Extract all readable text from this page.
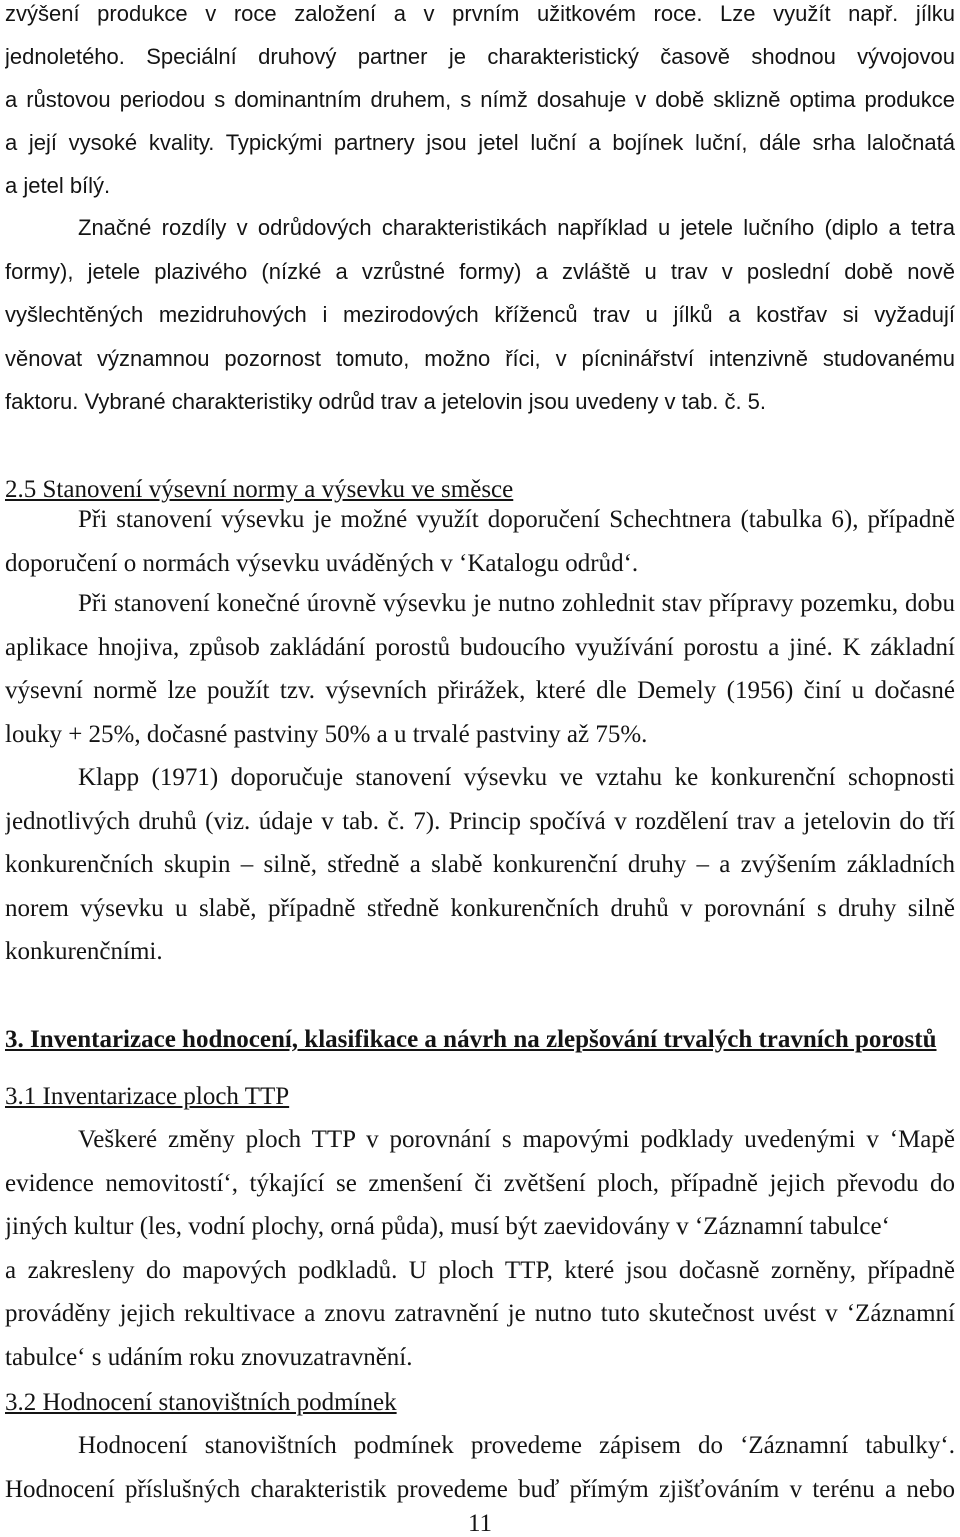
zvýšení produkce v roce založení a v prvním užitkovém roce. Lze využít např. jílku
jednoletého. Speciální druhový partner je charakteristický časově shodnou vývojovou
a růstovou periodou s dominantním druhem, s nímž dosahuje v době sklizně optima produkce
a její vysoké kvality. Typickými partnery jsou jetel luční a bojínek luční, dále srha laločnatá
a jetel bílý.
Značné rozdíly v odrůdových charakteristikách například u jetele lučního (diplo a tetra
formy), jetele plazivého (nízké a vzrůstné formy) a zvláště u trav v poslední době nově
vyšlechtěných mezidruhových i mezirodových kříženců trav u jílků a kostřav si vyžadují
věnovat významnou pozornost tomuto, možno říci, v pícninářství intenzivně studovanému
faktoru. Vybrané charakteristiky odrůd trav a jetelovin jsou uvedeny v tab. č. 5.
2.5 Stanovení výsevní normy a výsevku ve směsce
Při stanovení výsevku je možné využít doporučení Schechtnera (tabulka 6), případně
doporučení o normách výsevku uváděných v ‘Katalogu odrůd‘.
Při stanovení konečné úrovně výsevku je nutno zohlednit stav přípravy pozemku, dobu
aplikace hnojiva, způsob zakládání porostů budoucího využívání porostu a jiné. K základní
výsevní normě lze použít tzv. výsevních přirážek, které dle Demely (1956) činí u dočasné
louky + 25%, dočasné pastviny 50% a u trvalé pastviny až 75%.
Klapp (1971) doporučuje stanovení výsevku ve vztahu ke konkurenční schopnosti
jednotlivých druhů (viz. údaje v tab. č. 7). Princip spočívá v rozdělení trav a jetelovin do tří
konkurenčních skupin – silně, středně a slabě konkurenční druhy – a zvýšením základních
norem výsevku u slabě, případně středně konkurenčních druhů v porovnání s druhy silně
konkurenčními.
3. Inventarizace hodnocení, klasifikace a návrh na zlepšování trvalých travních porostů
3.1 Inventarizace ploch TTP
Veškeré změny ploch TTP v porovnání s mapovými podklady uvedenými v ‘Mapě
evidence nemovitostí‘, týkající se zmenšení či zvětšení ploch, případně jejich převodu do
jiných kultur (les, vodní plochy, orná půda), musí být zaevidovány v ‘Záznamní tabulce‘
a zakresleny do mapových podkladů. U ploch TTP, které jsou dočasně zorněny, případně
prováděny jejich rekultivace a znovu zatravnění je nutno tuto skutečnost uvést v ‘Záznamní
tabulce‘ s udáním roku znovuzatravnění.
3.2 Hodnocení stanovištních podmínek
Hodnocení stanovištních podmínek provedeme zápisem do ‘Záznamní tabulky‘.
Hodnocení příslušných charakteristik provedeme buď přímým zjišťováním v terénu a nebo
11
